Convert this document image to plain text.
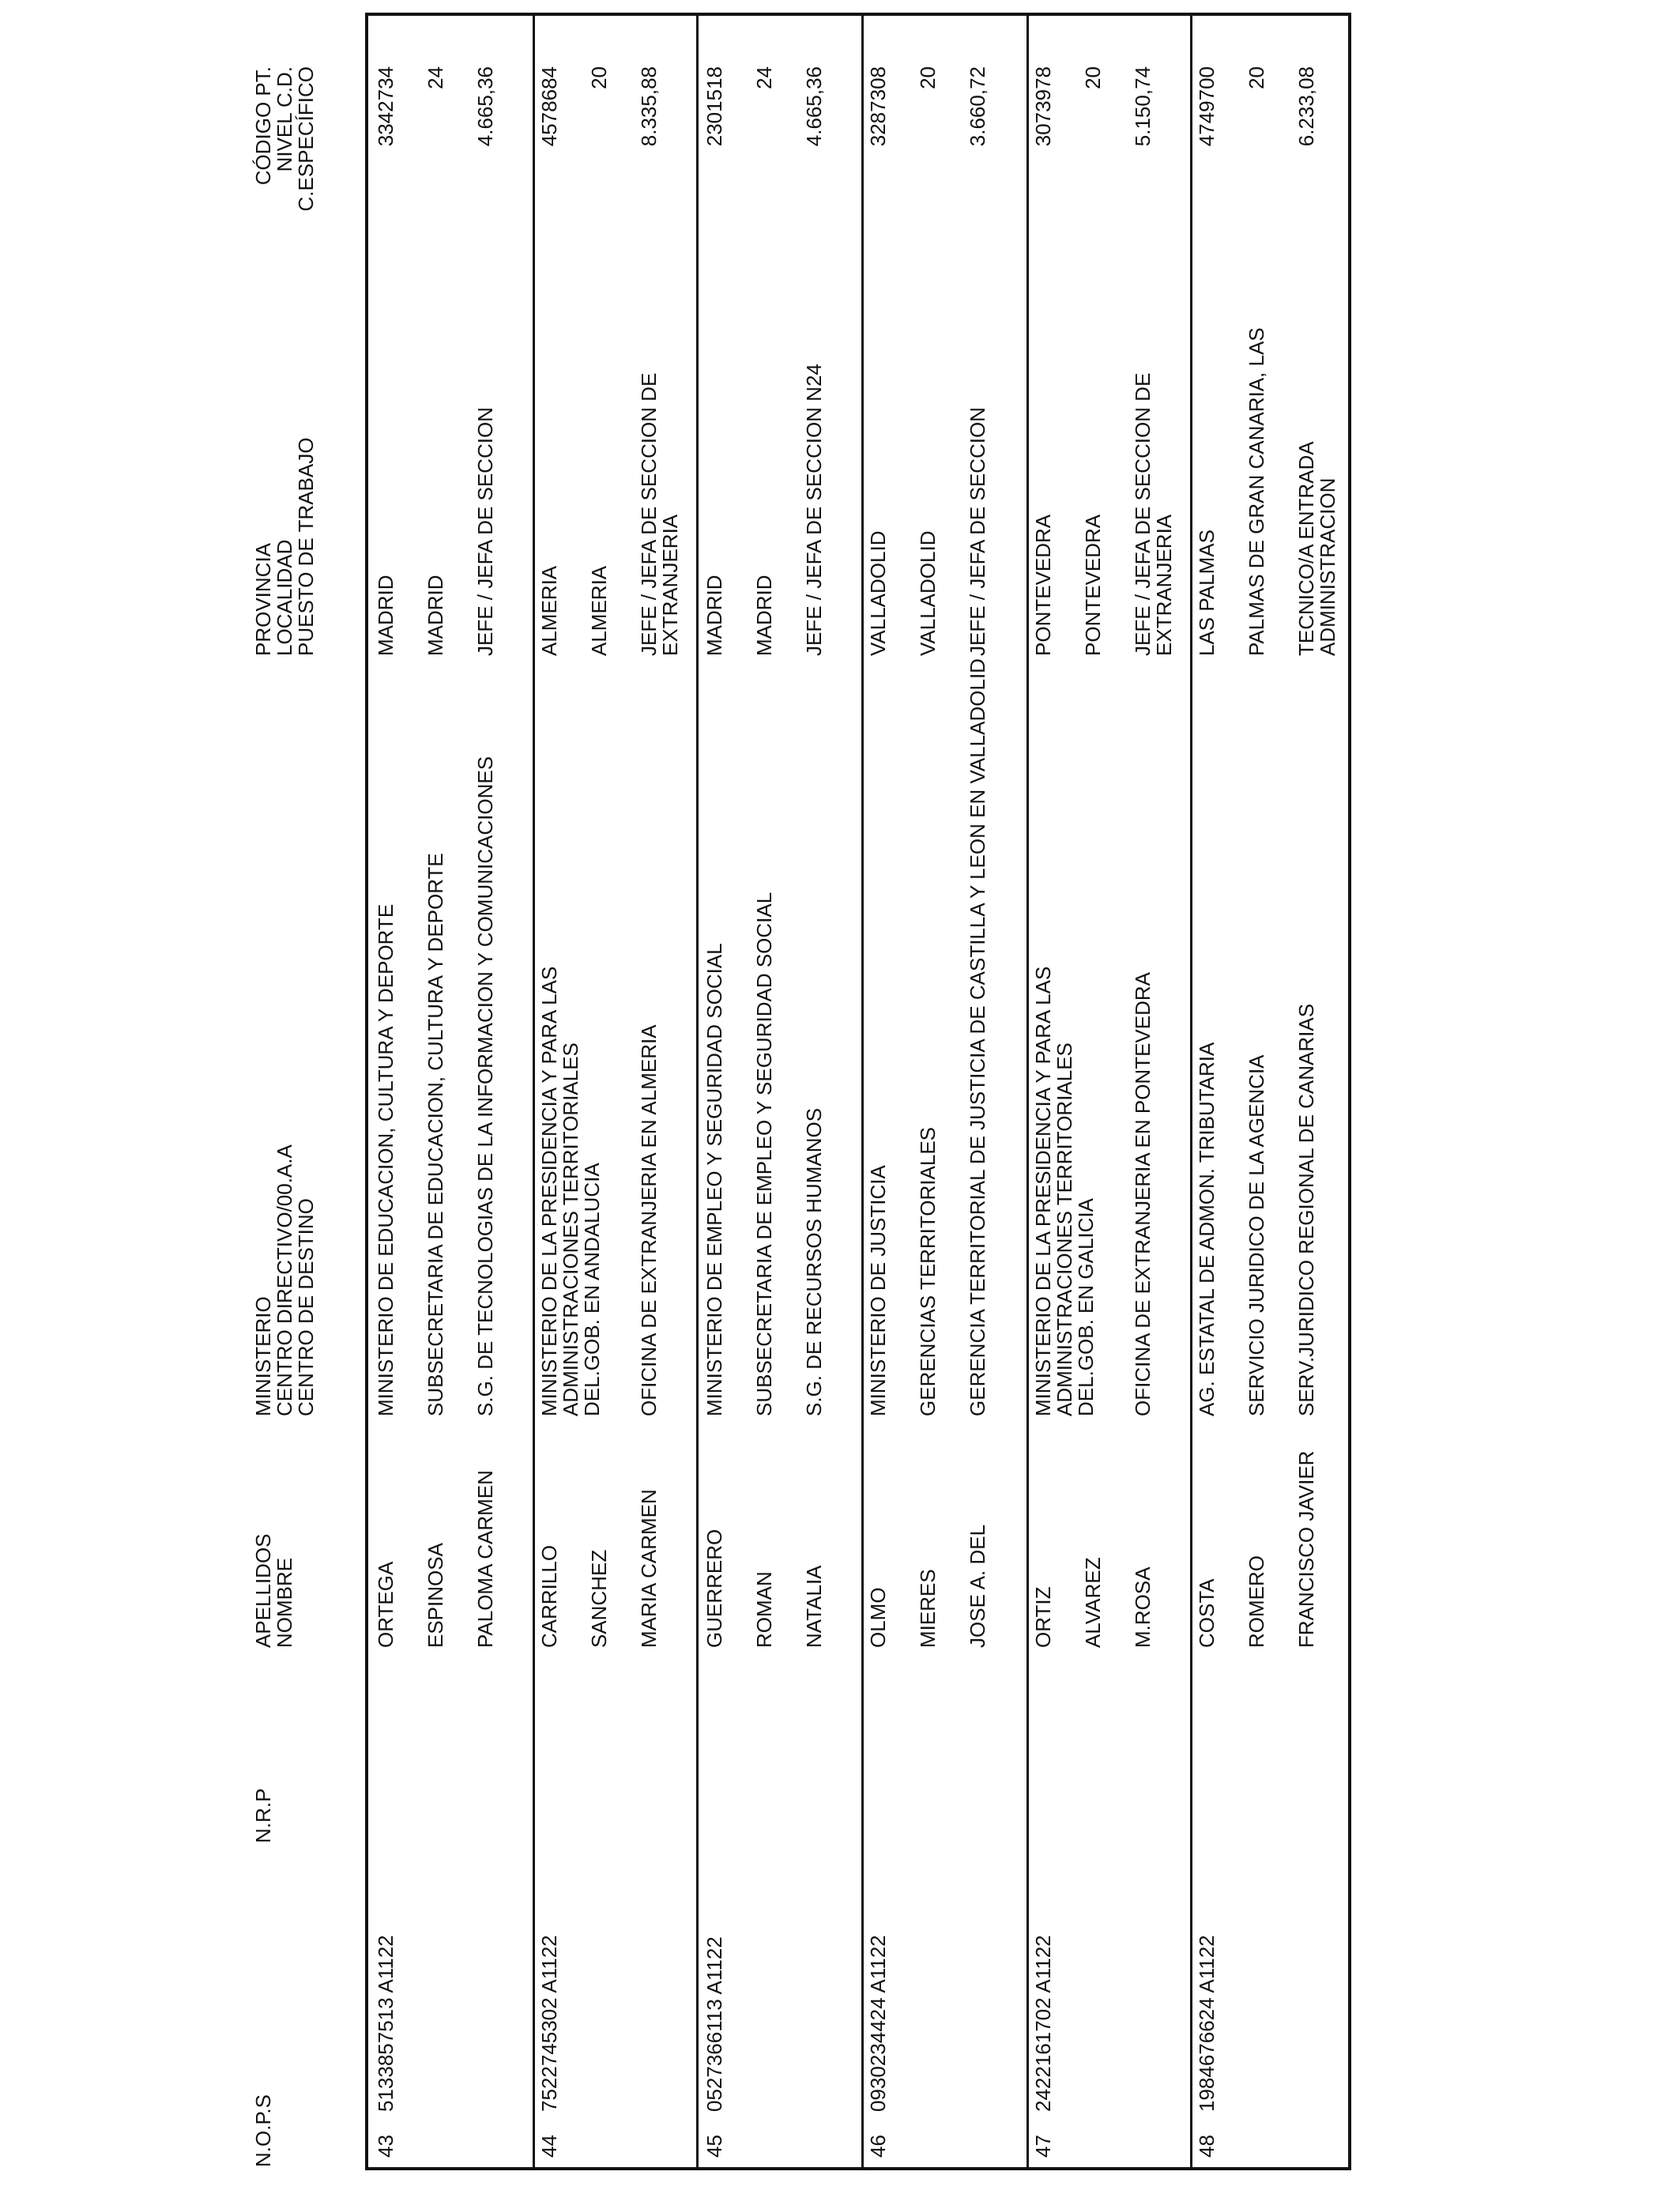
N.O.P.S
N.R.P
APELLIDOS
NOMBRE
MINISTERIO
CENTRO DIRECTIVO/00.A.A
CENTRO DE DESTINO
PROVINCIA
LOCALIDAD
PUESTO DE TRABAJO
CÓDIGO PT.
NIVEL C.D.
C.ESPECÍFICO
43
5133857513 A1122
ORTEGA ESPINOSA PALOMA CARMEN
MINISTERIO DE EDUCACION, CULTURA Y DEPORTE SUBSECRETARIA DE EDUCACION, CULTURA Y DEPORTE S.G. DE TECNOLOGIAS DE LA INFORMACION Y COMUNICACIONES
MADRID MADRID JEFE / JEFA DE SECCION
3342734 24 4.665,36
44
7522745302 A1122
CARRILLO SANCHEZ MARIA CARMEN
MINISTERIO DE LA PRESIDENCIA Y PARA LAS ADMINISTRACIONES TERRITORIALES
DEL.GOB. EN ANDALUCIA OFICINA DE EXTRANJERIA EN ALMERIA
ALMERIA ALMERIA JEFE / JEFA DE SECCION DE EXTRANJERIA
4578684 20 8.335,88
45
0527366113 A1122
GUERRERO ROMAN NATALIA
MINISTERIO DE EMPLEO Y SEGURIDAD SOCIAL SUBSECRETARIA DE EMPLEO Y SEGURIDAD SOCIAL S.G. DE RECURSOS HUMANOS
MADRID MADRID JEFE / JEFA DE SECCION N24
2301518 24 4.665,36
46
0930234424 A1122
OLMO MIERES JOSE A. DEL
MINISTERIO DE JUSTICIA GERENCIAS TERRITORIALES GERENCIA TERRITORIAL DE JUSTICIA DE CASTILLA Y LEON EN VALLADOLID
VALLADOLID VALLADOLID JEFE / JEFA DE SECCION
3287308 20 3.660,72
47
2422161702 A1122
ORTIZ ALVAREZ M.ROSA
MINISTERIO DE LA PRESIDENCIA Y PARA LAS ADMINISTRACIONES TERRITORIALES
DEL.GOB. EN GALICIA OFICINA DE EXTRANJERIA EN PONTEVEDRA
PONTEVEDRA PONTEVEDRA JEFE / JEFA DE SECCION DE EXTRANJERIA
3073978 20 5.150,74
48
1984676624 A1122
COSTA ROMERO FRANCISCO JAVIER
AG. ESTATAL DE ADMON. TRIBUTARIA SERVICIO JURIDICO DE LA AGENCIA SERV.JURIDICO REGIONAL DE CANARIAS
LAS PALMAS PALMAS DE GRAN CANARIA, LAS TECNICO/A ENTRADA ADMINISTRACION
4749700 20 6.233,08
